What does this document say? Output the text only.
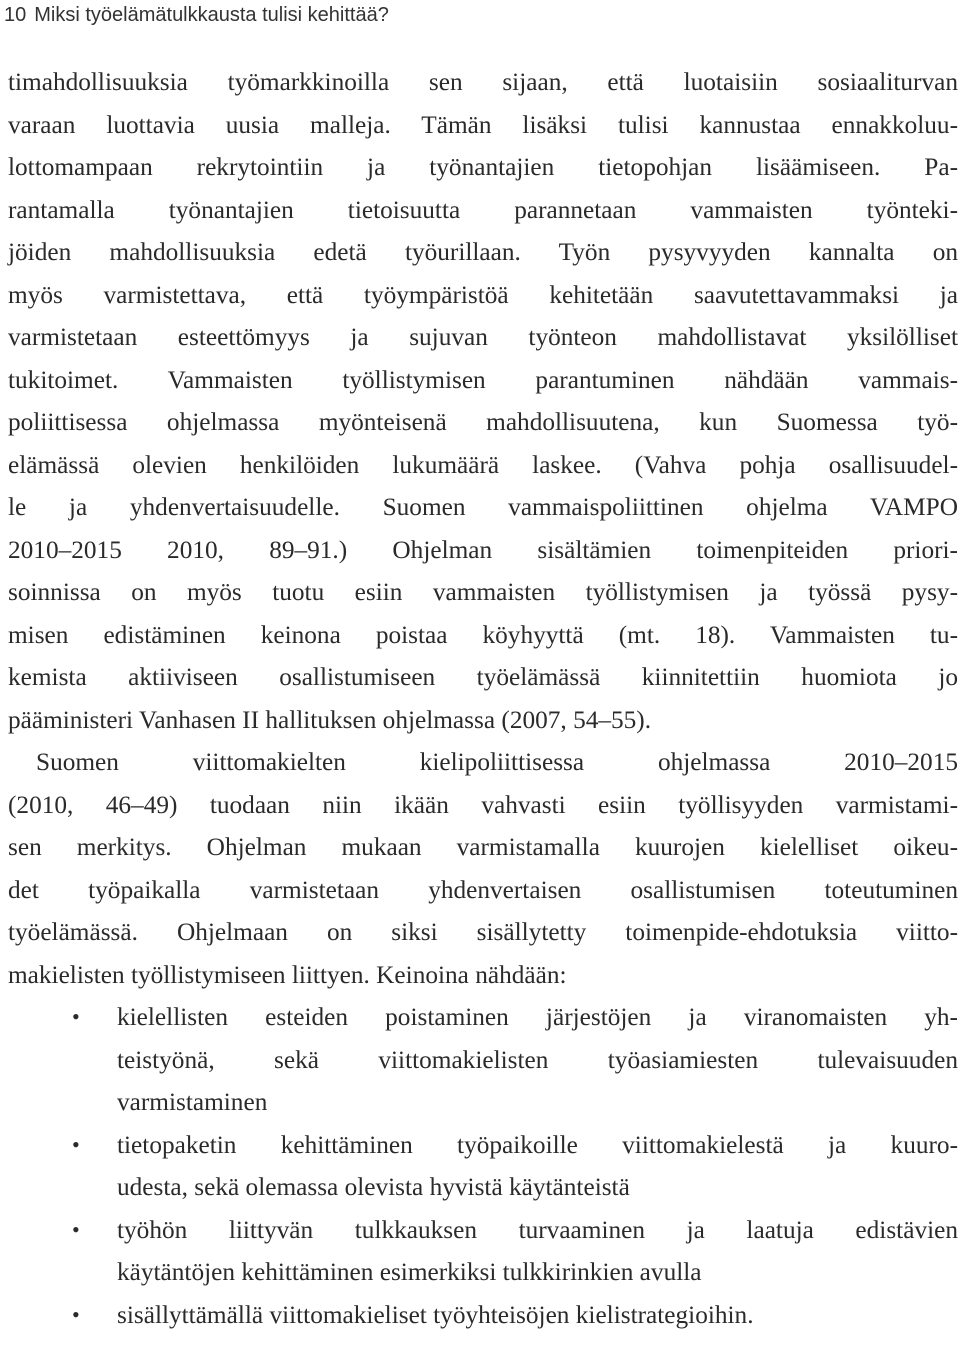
10 Miksi työelämätulkkausta tulisi kehittää?
timahdollisuuksia työmarkkinoilla sen sijaan, että luotaisiin sosiaaliturvan
varaan luottavia uusia malleja. Tämän lisäksi tulisi kannustaa ennakkoluu-
lottomampaan rekrytointiin ja työnantajien tietopohjan lisäämiseen. Pa-
rantamalla työnantajien tietoisuutta parannetaan vammaisten työnteki-
jöiden mahdollisuuksia edetä työurillaan. Työn pysyvyyden kannalta on
myös varmistettava, että työympäristöä kehitetään saavutettavammaksi ja
varmistetaan esteettömyys ja sujuvan työnteon mahdollistavat yksilölliset
tukitoimet. Vammaisten työllistymisen parantuminen nähdään vammais-
poliittisessa ohjelmassa myönteisenä mahdollisuutena, kun Suomessa työ-
elämässä olevien henkilöiden lukumäärä laskee. (Vahva pohja osallisuudel-
le ja yhdenvertaisuudelle. Suomen vammaispoliittinen ohjelma VAMPO
2010–2015 2010, 89–91.) Ohjelman sisältämien toimenpiteiden priori-
soinnissa on myös tuotu esiin vammaisten työllistymisen ja työssä pysy-
misen edistäminen keinona poistaa köyhyyttä (mt. 18). Vammaisten tu-
kemista aktiiviseen osallistumiseen työelämässä kiinnitettiin huomiota jo
pääministeri Vanhasen II hallituksen ohjelmassa (2007, 54–55).
Suomen viittomakielten kielipoliittisessa ohjelmassa 2010–2015
(2010, 46–49) tuodaan niin ikään vahvasti esiin työllisyyden varmistami-
sen merkitys. Ohjelman mukaan varmistamalla kuurojen kielelliset oikeu-
det työpaikalla varmistetaan yhdenvertaisen osallistumisen toteutuminen
työelämässä. Ohjelmaan on siksi sisällytetty toimenpide-ehdotuksia viitto-
makielisten työllistymiseen liittyen. Keinoina nähdään:
• kielellisten esteiden poistaminen järjestöjen ja viranomaisten yh-
teistyönä, sekä viittomakielisten työasiamiesten tulevaisuuden
varmistaminen
• tietopaketin kehittäminen työpaikoille viittomakielestä ja kuuro-
udesta, sekä olemassa olevista hyvistä käytänteistä
• työhön liittyvän tulkkauksen turvaaminen ja laatuja edistävien
käytäntöjen kehittäminen esimerkiksi tulkkirinkien avulla
• sisällyttämällä viittomakieliset työyhteisöjen kielistrategioihin.
